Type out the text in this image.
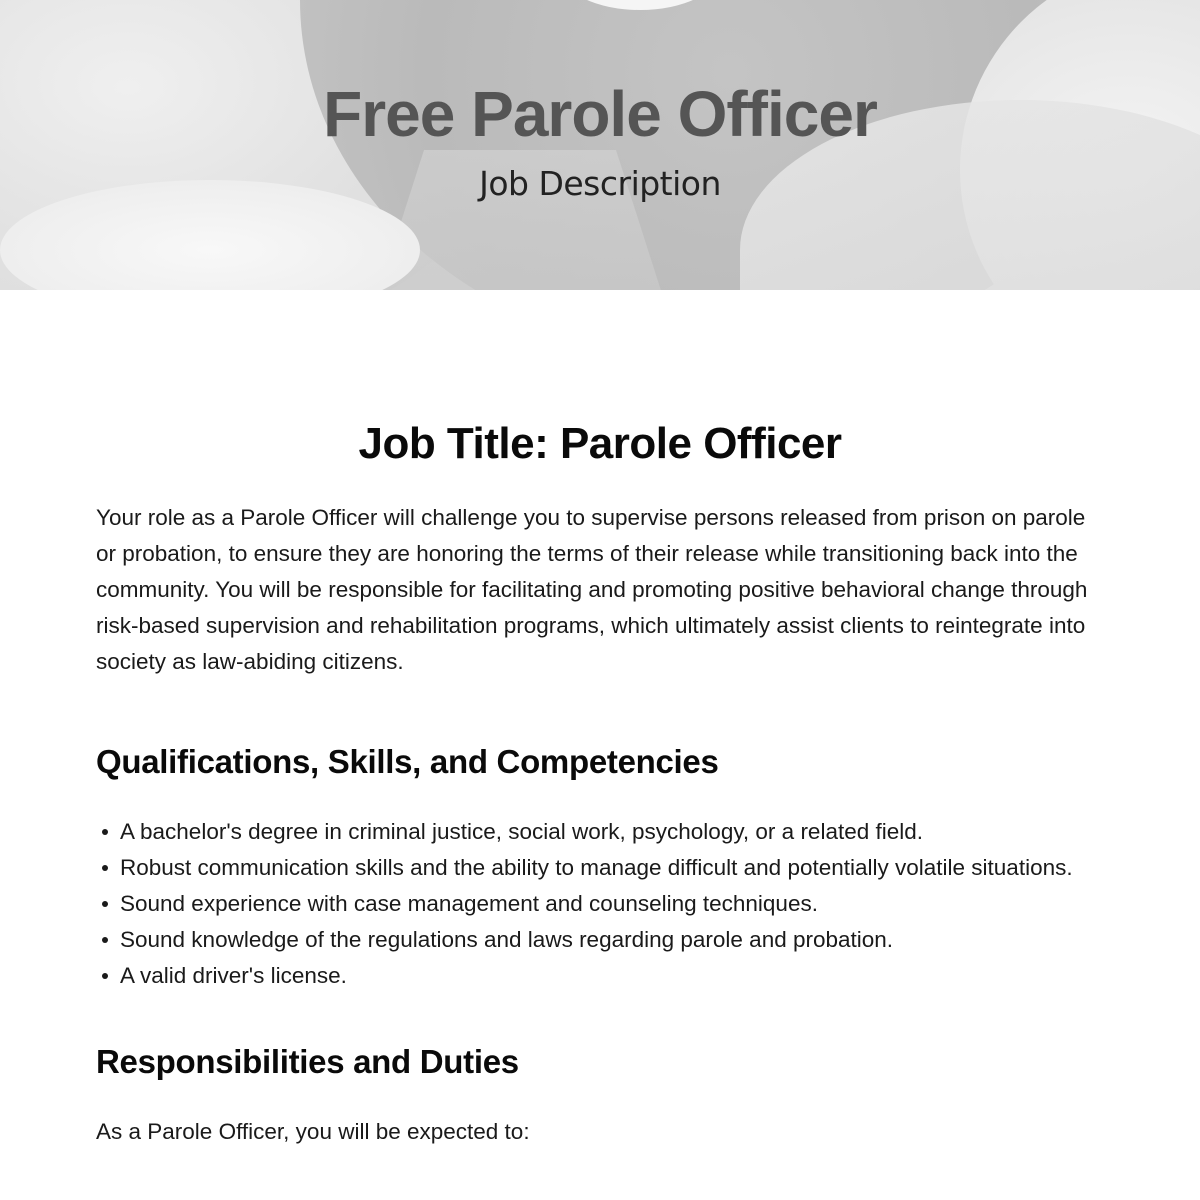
Free Parole Officer
Job Description
Job Title: Parole Officer

Your role as a Parole Officer will challenge you to supervise persons released from prison on parole or probation, to ensure they are honoring the terms of their release while transitioning back into the community. You will be responsible for facilitating and promoting positive behavioral change through risk-based supervision and rehabilitation programs, which ultimately assist clients to reintegrate into society as law-abiding citizens.

Qualifications, Skills, and Competencies
A bachelor's degree in criminal justice, social work, psychology, or a related field.
Robust communication skills and the ability to manage difficult and potentially volatile situations.
Sound experience with case management and counseling techniques.
Sound knowledge of the regulations and laws regarding parole and probation.
A valid driver's license.
Responsibilities and Duties

As a Parole Officer, you will be expected to:
